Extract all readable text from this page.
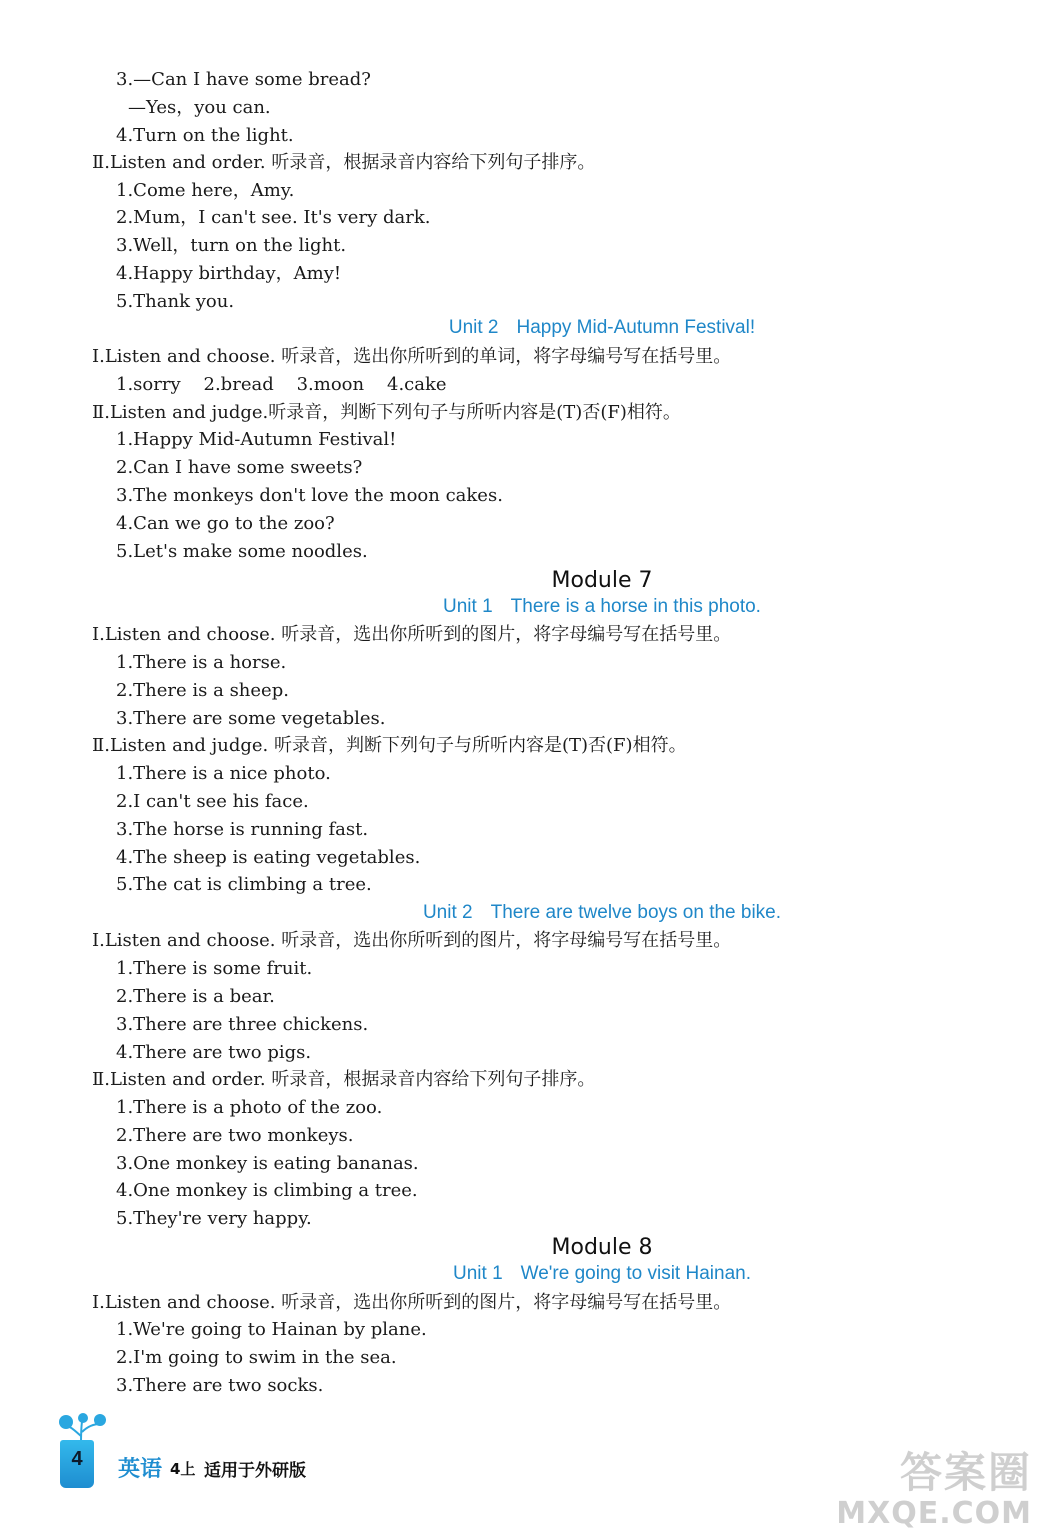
3.—Can I have some bread?
—Yes，you can.
4.Turn on the light.
Ⅱ.Listen and order. 听录音，根据录音内容给下列句子排序。
1.Come here，Amy.
2.Mum，I can't see. It's very dark.
3.Well，turn on the light.
4.Happy birthday，Amy!
5.Thank you.
Unit 2 Happy Mid-Autumn Festival!
Ⅰ.Listen and choose. 听录音，选出你所听到的单词，将字母编号写在括号里。
1.sorry    2.bread    3.moon    4.cake
Ⅱ.Listen and judge.听录音，判断下列句子与所听内容是(T)否(F)相符。
1.Happy Mid-Autumn Festival!
2.Can I have some sweets?
3.The monkeys don't love the moon cakes.
4.Can we go to the zoo?
5.Let's make some noodles.
Module 7
Unit 1 There is a horse in this photo.
Ⅰ.Listen and choose. 听录音，选出你所听到的图片，将字母编号写在括号里。
1.There is a horse.
2.There is a sheep.
3.There are some vegetables.
Ⅱ.Listen and judge. 听录音，判断下列句子与所听内容是(T)否(F)相符。
1.There is a nice photo.
2.I can't see his face.
3.The horse is running fast.
4.The sheep is eating vegetables.
5.The cat is climbing a tree.
Unit 2 There are twelve boys on the bike.
Ⅰ.Listen and choose. 听录音，选出你所听到的图片，将字母编号写在括号里。
1.There is some fruit.
2.There is a bear.
3.There are three chickens.
4.There are two pigs.
Ⅱ.Listen and order. 听录音，根据录音内容给下列句子排序。
1.There is a photo of the zoo.
2.There are two monkeys.
3.One monkey is eating bananas.
4.One monkey is climbing a tree.
5.They're very happy.
Module 8
Unit 1 We're going to visit Hainan.
Ⅰ.Listen and choose. 听录音，选出你所听到的图片，将字母编号写在括号里。
1.We're going to Hainan by plane.
2.I'm going to swim in the sea.
3.There are two socks.
4	英语 4上 适用于外研版	答案圈
MXQE.COM
